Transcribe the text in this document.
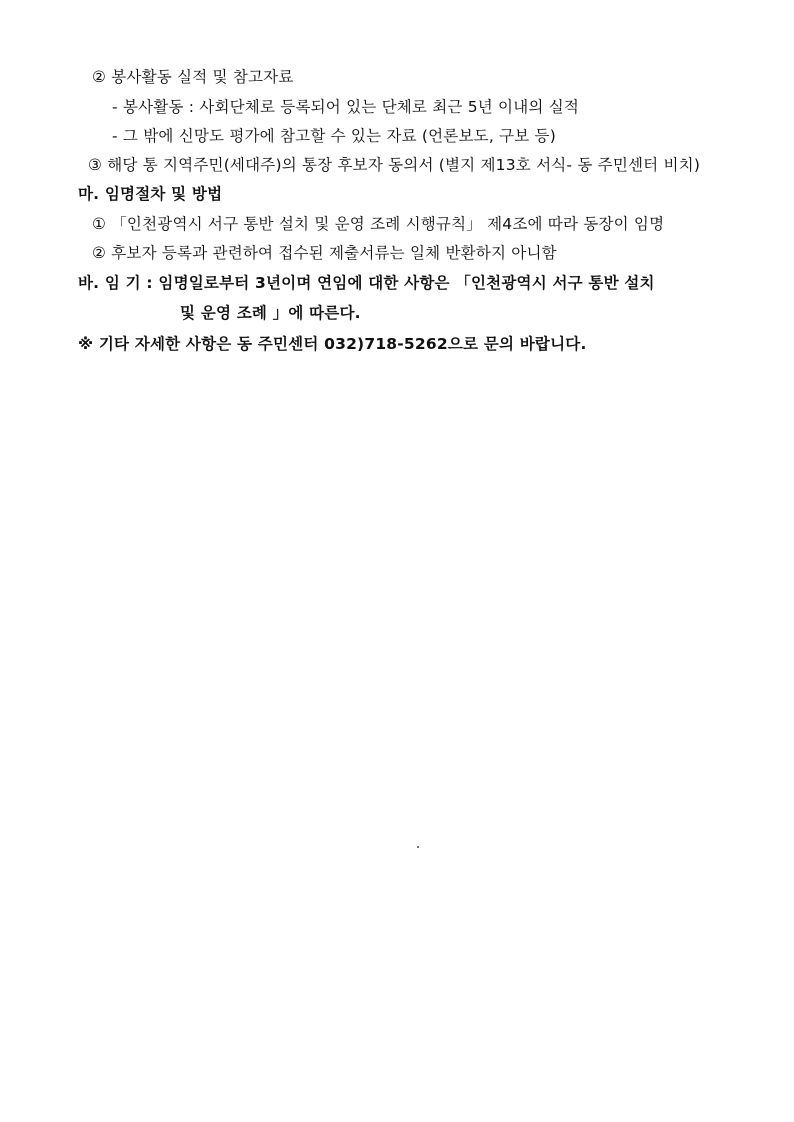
② 봉사활동 실적 및 참고자료
- 봉사활동 : 사회단체로 등록되어 있는 단체로 최근 5년 이내의 실적
- 그 밖에 신망도 평가에 참고할 수 있는 자료 (언론보도, 구보 등)
③ 해당 통 지역주민(세대주)의 통장 후보자 동의서 (별지 제13호 서식- 동 주민센터 비치)
마. 임명절차 및 방법
① 「인천광역시 서구 통반 설치 및 운영 조례 시행규칙」 제4조에 따라 동장이 임명
② 후보자 등록과 관련하여 접수된 제출서류는 일체 반환하지 아니함
바. 임 기 : 임명일로부터 3년이며 연임에 대한 사항은 「인천광역시 서구 통반 설치
및 운영 조례 」에 따른다.
※ 기타 자세한 사항은 동 주민센터 032)718-5262으로 문의 바랍니다.
